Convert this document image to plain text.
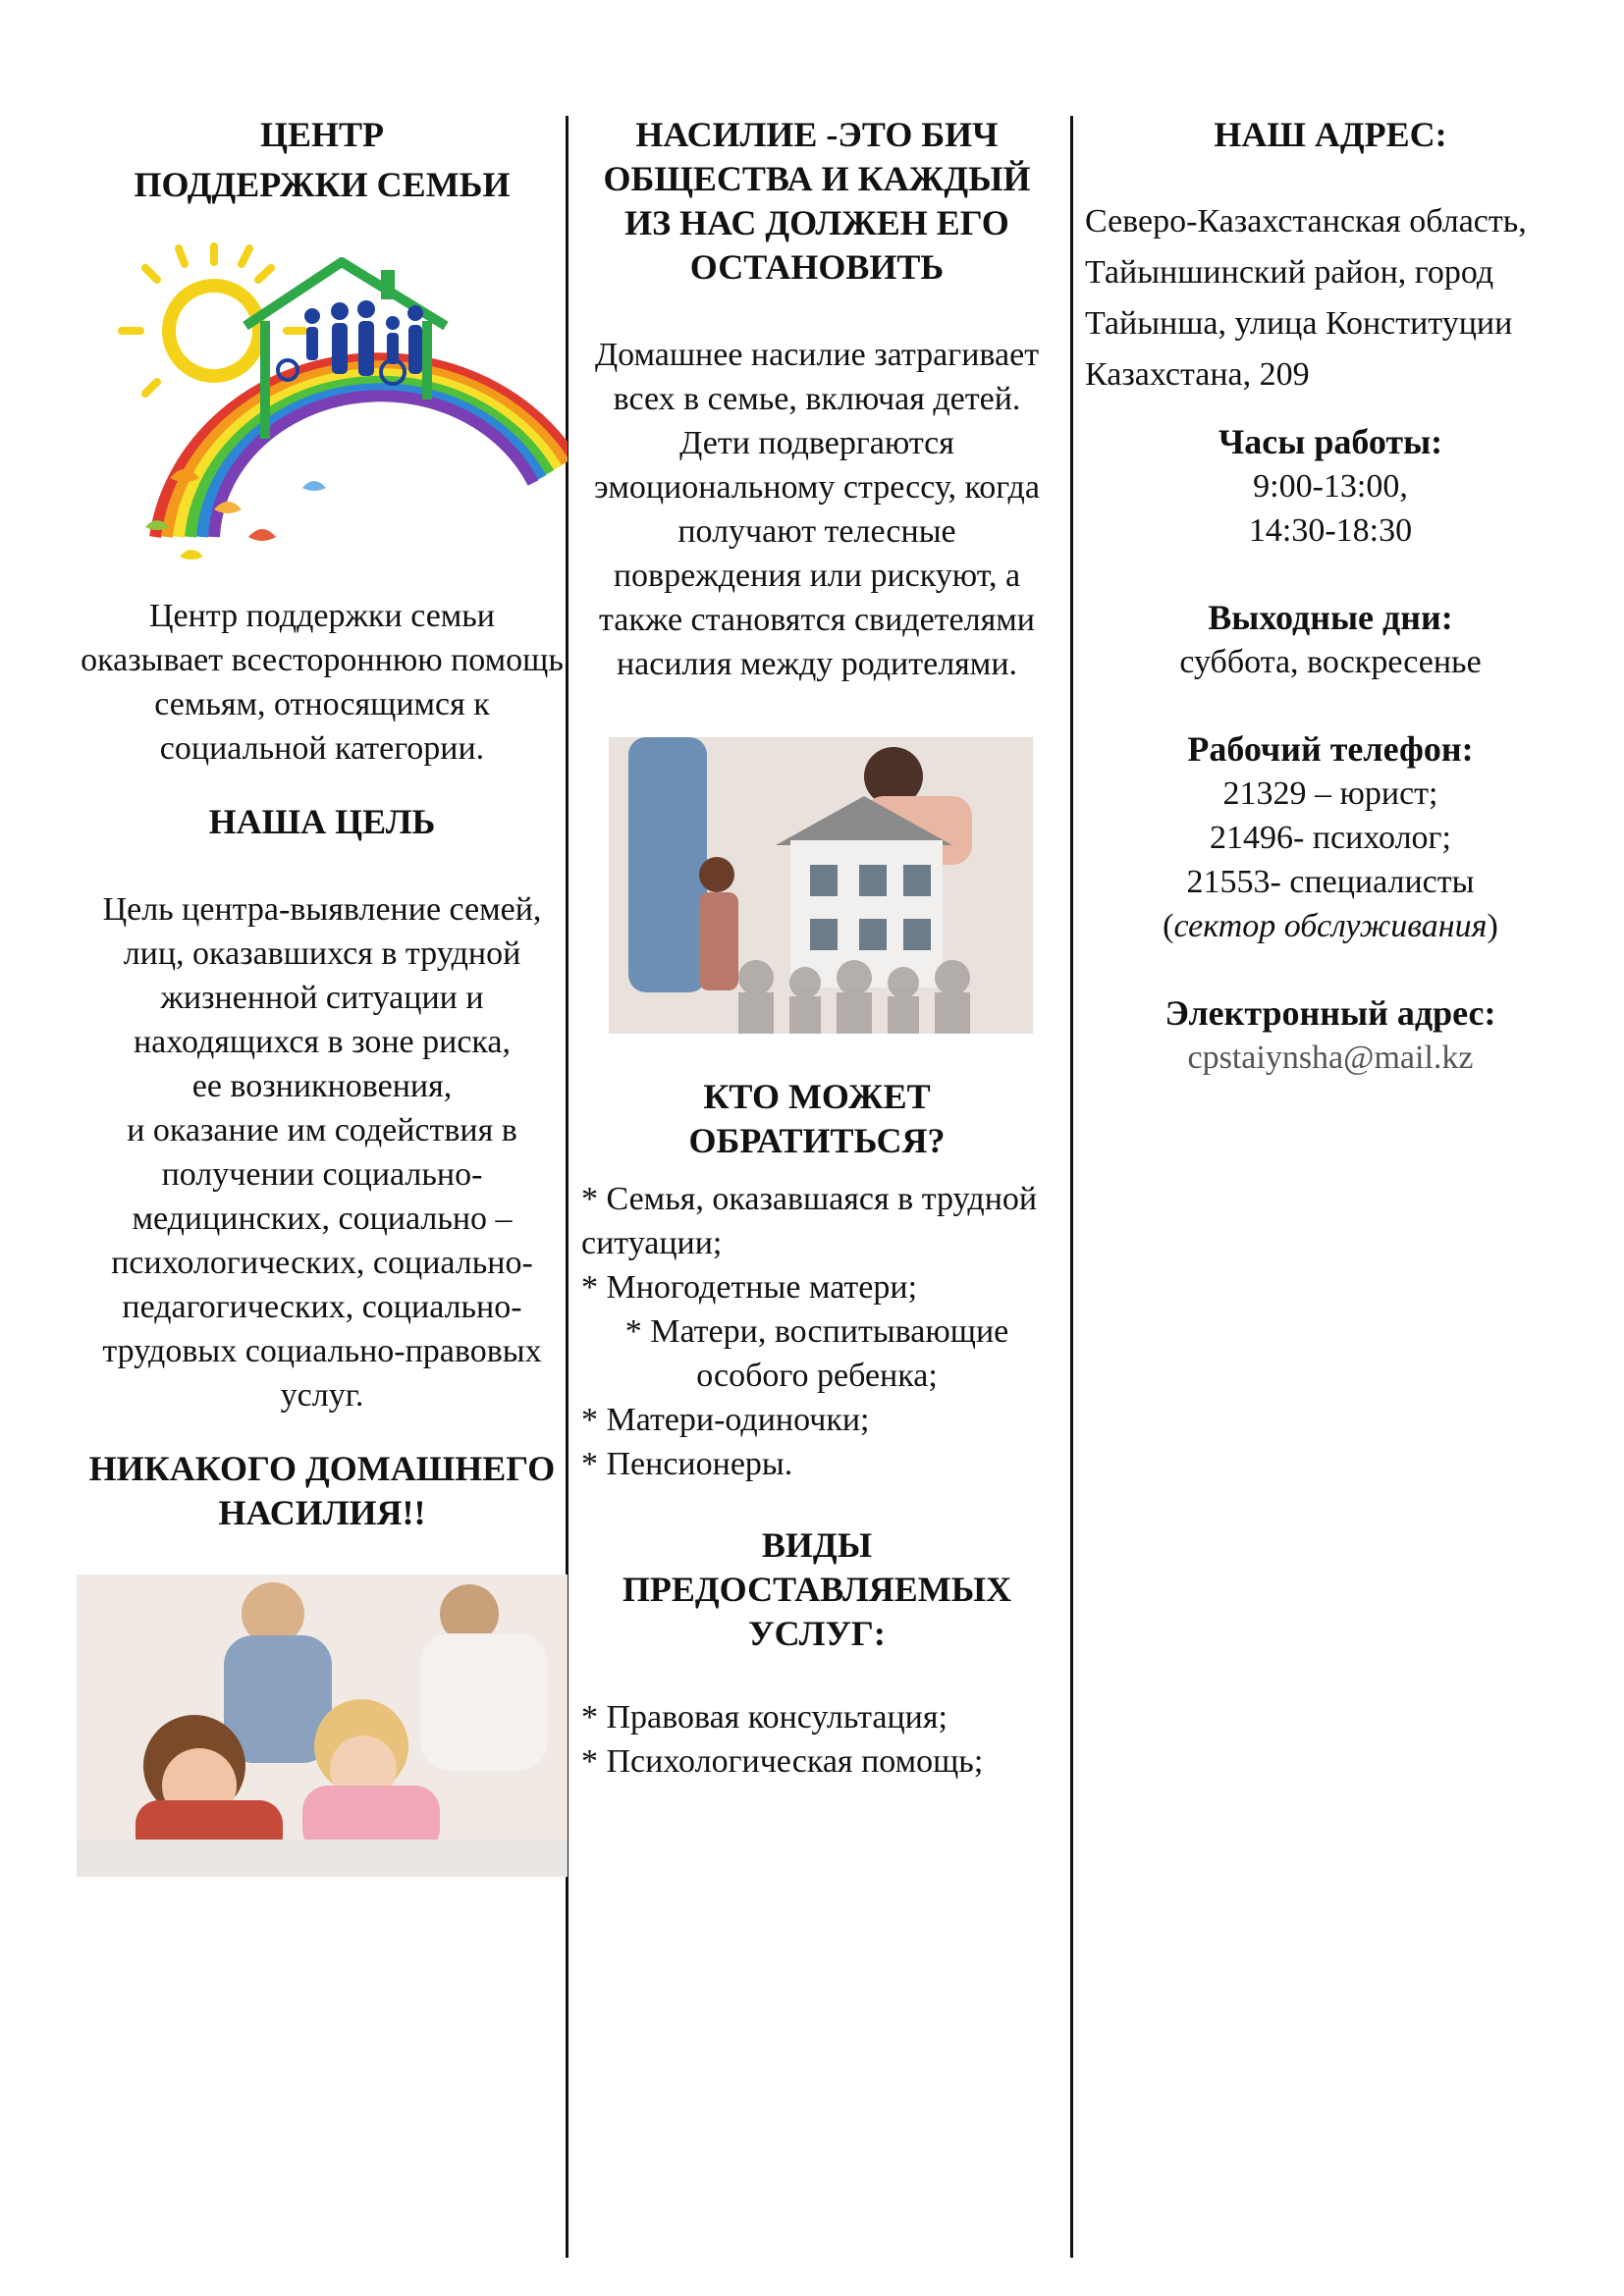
ЦЕНТР

ПОДДЕРЖКИ СЕМЬИ

Центр поддержки семьи оказывает всестороннюю помощь семьям, относящимся к социальной категории.

НАША ЦЕЛЬ

Цель центра-выявление семей, лиц, оказавшихся в трудной жизненной ситуации и находящихся в зоне риска,
ее возникновения,
и оказание им содействия в получении социально-медицинских, социально – психологических, социально-педагогических, социально-трудовых социально-правовых услуг.

НИКАКОГО ДОМАШНЕГО НАСИЛИЯ!!

НАСИЛИЕ -ЭТО БИЧ ОБЩЕСТВА И КАЖДЫЙ ИЗ НАС ДОЛЖЕН ЕГО ОСТАНОВИТЬ

Домашнее насилие затрагивает всех в семье, включая детей.

Дети подвергаются эмоциональному стрессу, когда получают телесные повреждения или рискуют, а также становятся свидетелями насилия между родителями.

КТО МОЖЕТ ОБРАТИТЬСЯ?

* Семья, оказавшаяся в трудной ситуации;

* Многодетные матери;

* Матери, воспитывающие особого ребенка;

* Матери-одиночки;

* Пенсионеры.

ВИДЫ ПРЕДОСТАВЛЯЕМЫХ УСЛУГ:

* Правовая консультация;

* Психологическая помощь;

НАШ АДРЕС:

Северо-Казахстанская область, Тайыншинский район, город Тайынша, улица Конституции Казахстана, 209

Часы работы:

9:00-13:00,

14:30-18:30

Выходные дни:

суббота, воскресенье

Рабочий телефон:

21329 – юрист;

21496- психолог;

21553- специалисты

(сектор обслуживания)

Электронный адрес:

cpstaiynsha@mail.kz
